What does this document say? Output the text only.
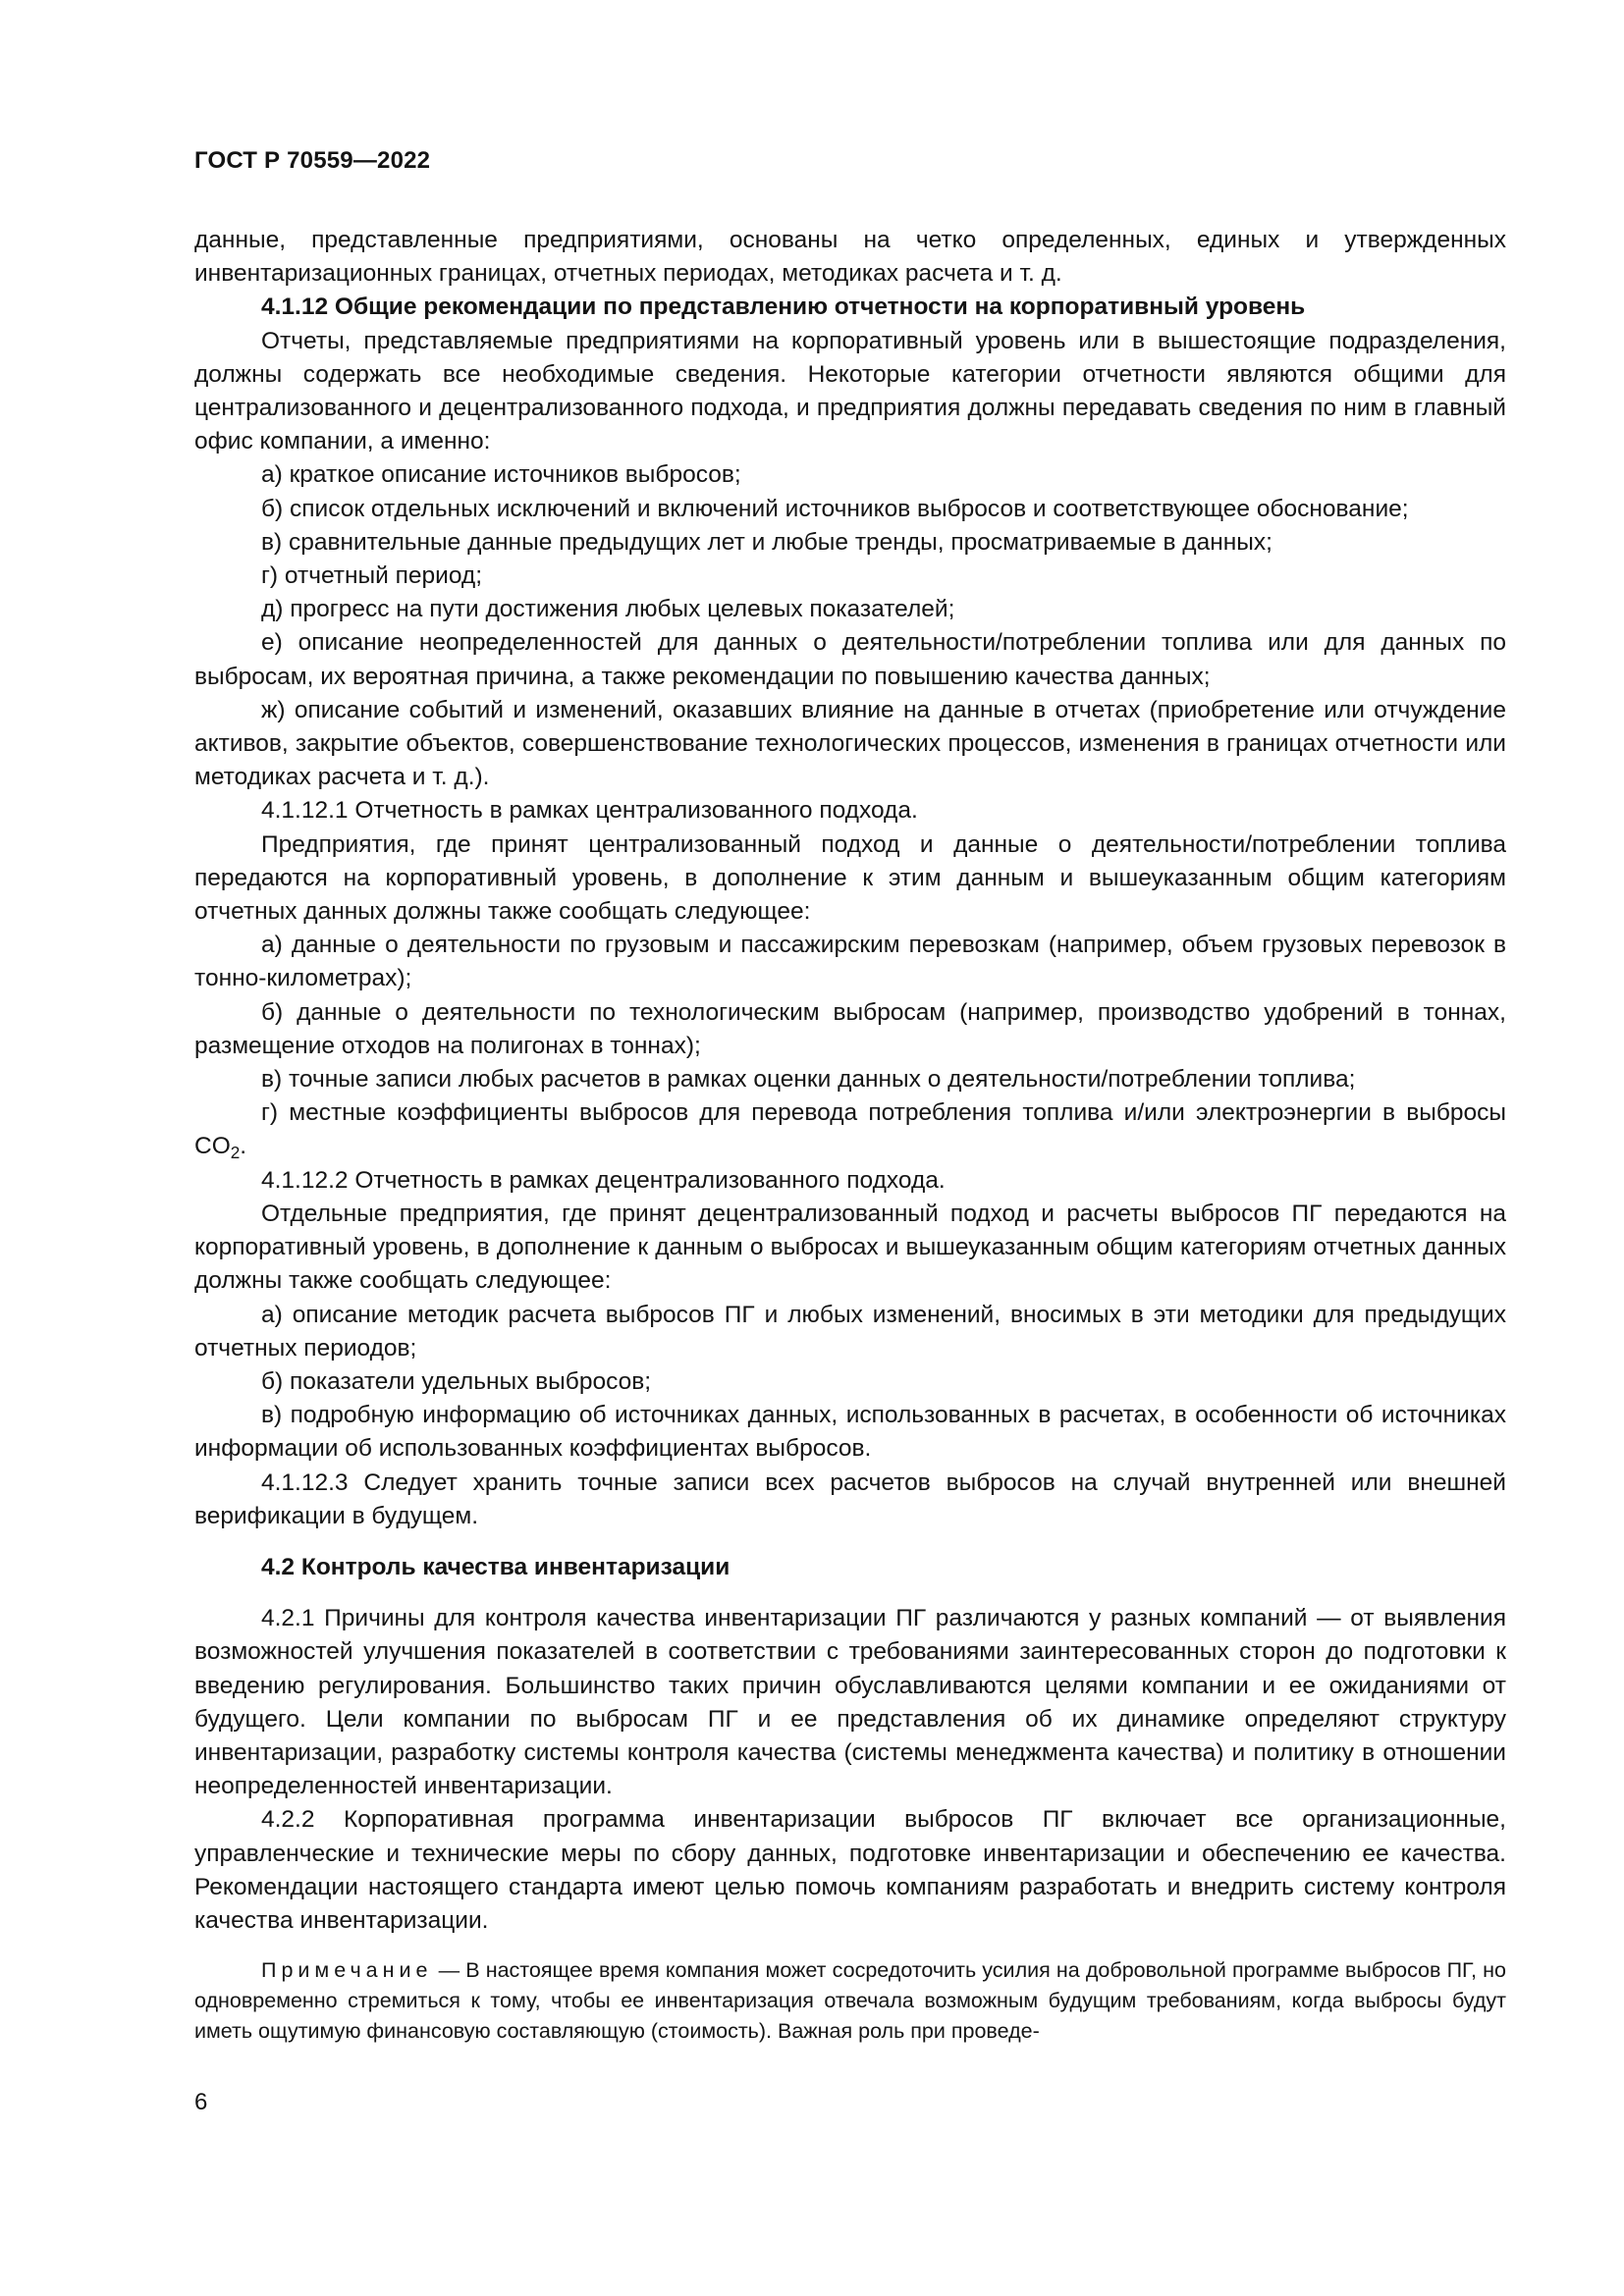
ГОСТ Р 70559—2022

данные, представленные предприятиями, основаны на четко определенных, единых и утвержденных инвентаризационных границах, отчетных периодах, методиках расчета и т. д.

4.1.12 Общие рекомендации по представлению отчетности на корпоративный уровень

Отчеты, представляемые предприятиями на корпоративный уровень или в вышестоящие подразделения, должны содержать все необходимые сведения. Некоторые категории отчетности являются общими для централизованного и децентрализованного подхода, и предприятия должны передавать сведения по ним в главный офис компании, а именно:

а) краткое описание источников выбросов;

б) список отдельных исключений и включений источников выбросов и соответствующее обоснование;

в) сравнительные данные предыдущих лет и любые тренды, просматриваемые в данных;

г) отчетный период;

д) прогресс на пути достижения любых целевых показателей;

е) описание неопределенностей для данных о деятельности/потреблении топлива или для данных по выбросам, их вероятная причина, а также рекомендации по повышению качества данных;

ж) описание событий и изменений, оказавших влияние на данные в отчетах (приобретение или отчуждение активов, закрытие объектов, совершенствование технологических процессов, изменения в границах отчетности или методиках расчета и т. д.).

4.1.12.1 Отчетность в рамках централизованного подхода.

Предприятия, где принят централизованный подход и данные о деятельности/потреблении топлива передаются на корпоративный уровень, в дополнение к этим данным и вышеуказанным общим категориям отчетных данных должны также сообщать следующее:

а) данные о деятельности по грузовым и пассажирским перевозкам (например, объем грузовых перевозок в тонно-километрах);

б) данные о деятельности по технологическим выбросам (например, производство удобрений в тоннах, размещение отходов на полигонах в тоннах);

в) точные записи любых расчетов в рамках оценки данных о деятельности/потреблении топлива;

г) местные коэффициенты выбросов для перевода потребления топлива и/или электроэнергии в выбросы $CO_2$.

4.1.12.2 Отчетность в рамках децентрализованного подхода.

Отдельные предприятия, где принят децентрализованный подход и расчеты выбросов ПГ передаются на корпоративный уровень, в дополнение к данным о выбросах и вышеуказанным общим категориям отчетных данных должны также сообщать следующее:

а) описание методик расчета выбросов ПГ и любых изменений, вносимых в эти методики для предыдущих отчетных периодов;

б) показатели удельных выбросов;

в) подробную информацию об источниках данных, использованных в расчетах, в особенности об источниках информации об использованных коэффициентах выбросов.

4.1.12.3 Следует хранить точные записи всех расчетов выбросов на случай внутренней или внешней верификации в будущем.

4.2 Контроль качества инвентаризации

4.2.1 Причины для контроля качества инвентаризации ПГ различаются у разных компаний — от выявления возможностей улучшения показателей в соответствии с требованиями заинтересованных сторон до подготовки к введению регулирования. Большинство таких причин обуславливаются целями компании и ее ожиданиями от будущего. Цели компании по выбросам ПГ и ее представления об их динамике определяют структуру инвентаризации, разработку системы контроля качества (системы менеджмента качества) и политику в отношении неопределенностей инвентаризации.

4.2.2 Корпоративная программа инвентаризации выбросов ПГ включает все организационные, управленческие и технические меры по сбору данных, подготовке инвентаризации и обеспечению ее качества. Рекомендации настоящего стандарта имеют целью помочь компаниям разработать и внедрить систему контроля качества инвентаризации.

Примечание — В настоящее время компания может сосредоточить усилия на добровольной программе выбросов ПГ, но одновременно стремиться к тому, чтобы ее инвентаризация отвечала возможным будущим требованиям, когда выбросы будут иметь ощутимую финансовую составляющую (стоимость). Важная роль при проведе-

6
